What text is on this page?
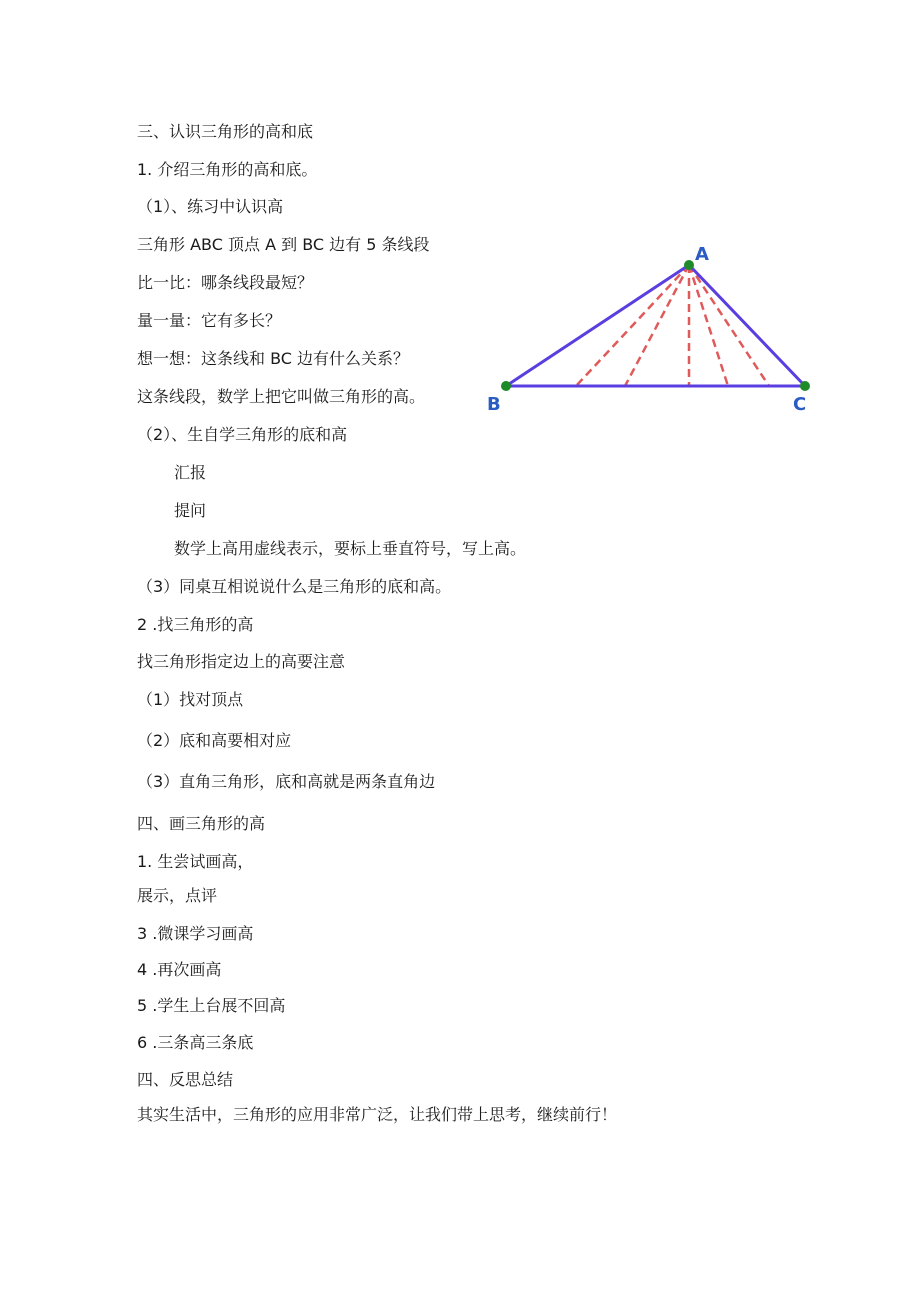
三、认识三角形的高和底
1. 介绍三角形的高和底。
（1）、练习中认识高
三角形 ABC 顶点 A 到 BC 边有 5 条线段
比一比：哪条线段最短？
量一量：它有多长？
想一想：这条线和 BC 边有什么关系？
这条线段，数学上把它叫做三角形的高。
（2）、生自学三角形的底和高
汇报
提问
数学上高用虚线表示，要标上垂直符号，写上高。
（3）同桌互相说说什么是三角形的底和高。
2 .找三角形的高
找三角形指定边上的高要注意
（1）找对顶点
（2）底和高要相对应
（3）直角三角形，底和高就是两条直角边
四、画三角形的高
1. 生尝试画高，
展示，点评
3 .微课学习画高
4 .再次画高
5 .学生上台展不回高
6 .三条高三条底
四、反思总结
其实生活中，三角形的应用非常广泛，让我们带上思考，继续前行！
A
B	C
